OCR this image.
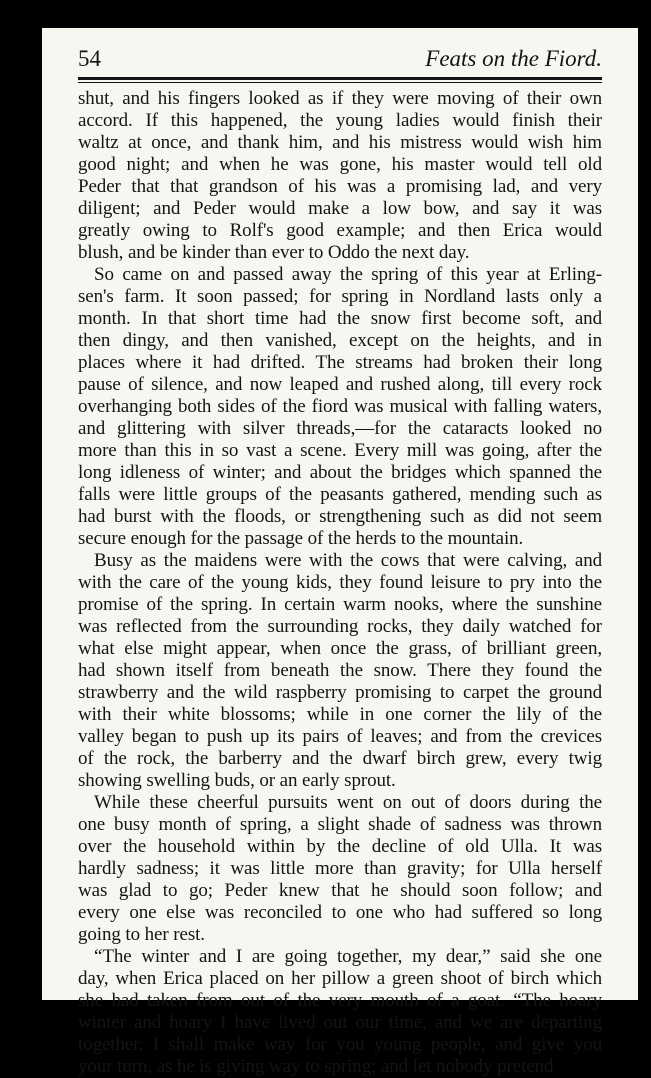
54	Feats on the Fiord.

shut, and his fingers looked as if they were moving of their own
accord. If this happened, the young ladies would finish their
waltz at once, and thank him, and his mistress would wish him
good night; and when he was gone, his master would tell old
Peder that that grandson of his was a promising lad, and very
diligent; and Peder would make a low bow, and say it was
greatly owing to Rolf's good example; and then Erica would
blush, and be kinder than ever to Oddo the next day.

So came on and passed away the spring of this year at Erling-
sen's farm. It soon passed; for spring in Nordland lasts only a
month. In that short time had the snow first become soft, and
then dingy, and then vanished, except on the heights, and in
places where it had drifted. The streams had broken their long
pause of silence, and now leaped and rushed along, till every rock
overhanging both sides of the fiord was musical with falling waters,
and glittering with silver threads,—for the cataracts looked no
more than this in so vast a scene. Every mill was going, after the
long idleness of winter; and about the bridges which spanned the
falls were little groups of the peasants gathered, mending such as
had burst with the floods, or strengthening such as did not seem
secure enough for the passage of the herds to the mountain.

Busy as the maidens were with the cows that were calving, and
with the care of the young kids, they found leisure to pry into the
promise of the spring. In certain warm nooks, where the sunshine
was reflected from the surrounding rocks, they daily watched for
what else might appear, when once the grass, of brilliant green,
had shown itself from beneath the snow. There they found the
strawberry and the wild raspberry promising to carpet the ground
with their white blossoms; while in one corner the lily of the
valley began to push up its pairs of leaves; and from the crevices
of the rock, the barberry and the dwarf birch grew, every twig
showing swelling buds, or an early sprout.

While these cheerful pursuits went on out of doors during the
one busy month of spring, a slight shade of sadness was thrown
over the household within by the decline of old Ulla. It was
hardly sadness; it was little more than gravity; for Ulla herself
was glad to go; Peder knew that he should soon follow; and
every one else was reconciled to one who had suffered so long
going to her rest.

“The winter and I are going together, my dear,” said she one
day, when Erica placed on her pillow a green shoot of birch which
she had taken from out of the very mouth of a goat. “The hoary
winter and hoary I have lived out our time, and we are departing
together. I shall make way for you young people, and give you
your turn, as he is giving way to spring; and let nobody pretend
